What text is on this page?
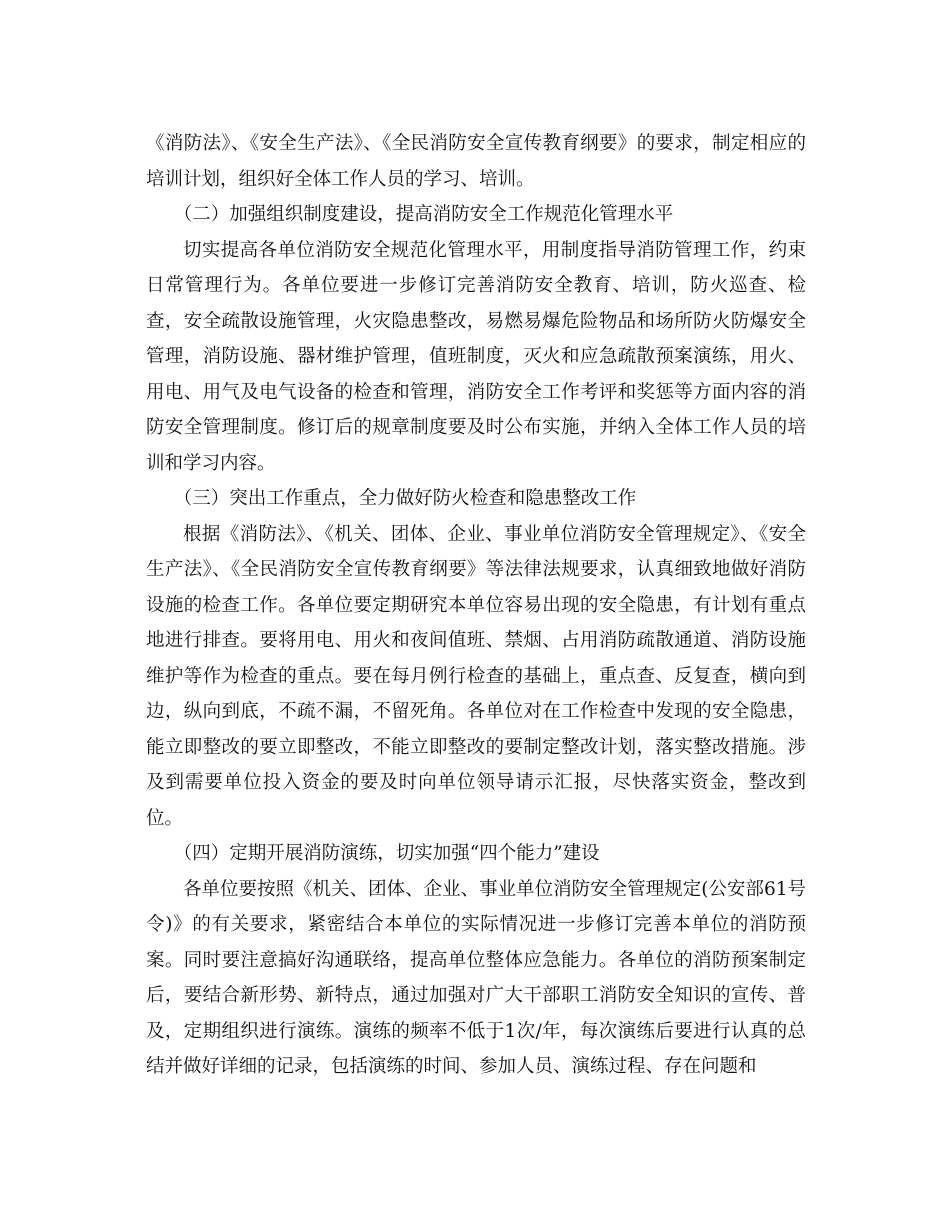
《消防法》、《安全生产法》、《全民消防安全宣传教育纲要》的要求，制定相应的培训计划，组织好全体工作人员的学习、培训。

（二）加强组织制度建设，提高消防安全工作规范化管理水平

切实提高各单位消防安全规范化管理水平，用制度指导消防管理工作，约束日常管理行为。各单位要进一步修订完善消防安全教育、培训，防火巡查、检查，安全疏散设施管理，火灾隐患整改，易燃易爆危险物品和场所防火防爆安全管理，消防设施、器材维护管理，值班制度，灭火和应急疏散预案演练，用火、用电、用气及电气设备的检查和管理，消防安全工作考评和奖惩等方面内容的消防安全管理制度。修订后的规章制度要及时公布实施，并纳入全体工作人员的培训和学习内容。

（三）突出工作重点，全力做好防火检查和隐患整改工作

根据《消防法》、《机关、团体、企业、事业单位消防安全管理规定》、《安全生产法》、《全民消防安全宣传教育纲要》等法律法规要求，认真细致地做好消防设施的检查工作。各单位要定期研究本单位容易出现的安全隐患，有计划有重点地进行排查。要将用电、用火和夜间值班、禁烟、占用消防疏散通道、消防设施维护等作为检查的重点。要在每月例行检查的基础上，重点查、反复查，横向到边，纵向到底，不疏不漏，不留死角。各单位对在工作检查中发现的安全隐患，能立即整改的要立即整改，不能立即整改的要制定整改计划，落实整改措施。涉及到需要单位投入资金的要及时向单位领导请示汇报，尽快落实资金，整改到位。

（四）定期开展消防演练，切实加强“四个能力”建设

各单位要按照《机关、团体、企业、事业单位消防安全管理规定(公安部61号令)》的有关要求，紧密结合本单位的实际情况进一步修订完善本单位的消防预案。同时要注意搞好沟通联络，提高单位整体应急能力。各单位的消防预案制定后，要结合新形势、新特点，通过加强对广大干部职工消防安全知识的宣传、普及，定期组织进行演练。演练的频率不低于1次/年，每次演练后要进行认真的总结并做好详细的记录，包括演练的时间、参加人员、演练过程、存在问题和
